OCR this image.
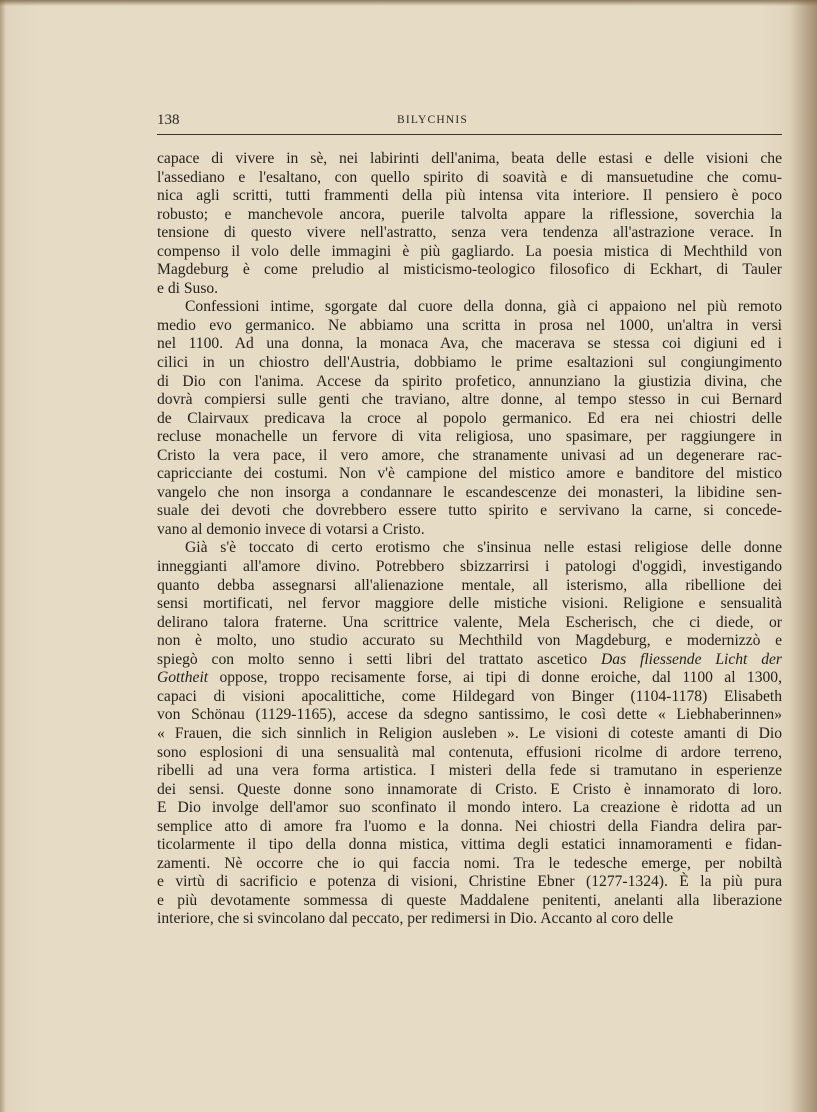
138	BILYCHNIS
capace di vivere in sè, nei labirinti dell'anima, beata delle estasi e delle visioni che
l'assediano e l'esaltano, con quello spirito di soavità e di mansuetudine che comu-
nica agli scritti, tutti frammenti della più intensa vita interiore. Il pensiero è poco
robusto; e manchevole ancora, puerile talvolta appare la riflessione, soverchia la
tensione di questo vivere nell'astratto, senza vera tendenza all'astrazione verace. In
compenso il volo delle immagini è più gagliardo. La poesia mistica di Mechthild von
Magdeburg è come preludio al misticismo-teologico filosofico di Eckhart, di Tauler
e di Suso.
Confessioni intime, sgorgate dal cuore della donna, già ci appaiono nel più remoto
medio evo germanico. Ne abbiamo una scritta in prosa nel 1000, un'altra in versi
nel 1100. Ad una donna, la monaca Ava, che macerava se stessa coi digiuni ed i
cilici in un chiostro dell'Austria, dobbiamo le prime esaltazioni sul congiungimento
di Dio con l'anima. Accese da spirito profetico, annunziano la giustizia divina, che
dovrà compiersi sulle genti che traviano, altre donne, al tempo stesso in cui Bernard
de Clairvaux predicava la croce al popolo germanico. Ed era nei chiostri delle
recluse monachelle un fervore di vita religiosa, uno spasimare, per raggiungere in
Cristo la vera pace, il vero amore, che stranamente univasi ad un degenerare rac-
capricciante dei costumi. Non v'è campione del mistico amore e banditore del mistico
vangelo che non insorga a condannare le escandescenze dei monasteri, la libidine sen-
suale dei devoti che dovrebbero essere tutto spirito e servivano la carne, si concede-
vano al demonio invece di votarsi a Cristo.
Già s'è toccato di certo erotismo che s'insinua nelle estasi religiose delle donne
inneggianti all'amore divino. Potrebbero sbizzarrirsi i patologi d'oggidì, investigando
quanto debba assegnarsi all'alienazione mentale, all isterismo, alla ribellione dei
sensi mortificati, nel fervor maggiore delle mistiche visioni. Religione e sensualità
delirano talora fraterne. Una scrittrice valente, Mela Escherisch, che ci diede, or
non è molto, uno studio accurato su Mechthild von Magdeburg, e modernizzò e
spiegò con molto senno i setti libri del trattato ascetico Das fliessende Licht der
Gottheit oppose, troppo recisamente forse, ai tipi di donne eroiche, dal 1100 al 1300,
capaci di visioni apocalittiche, come Hildegard von Binger (1104-1178) Elisabeth
von Schönau (1129-1165), accese da sdegno santissimo, le così dette « Liebhaberinnen»
« Frauen, die sich sinnlich in Religion ausleben ». Le visioni di coteste amanti di Dio
sono esplosioni di una sensualità mal contenuta, effusioni ricolme di ardore terreno,
ribelli ad una vera forma artistica. I misteri della fede si tramutano in esperienze
dei sensi. Queste donne sono innamorate di Cristo. E Cristo è innamorato di loro.
E Dio involge dell'amor suo sconfinato il mondo intero. La creazione è ridotta ad un
semplice atto di amore fra l'uomo e la donna. Nei chiostri della Fiandra delira par-
ticolarmente il tipo della donna mistica, vittima degli estatici innamoramenti e fidan-
zamenti. Nè occorre che io qui faccia nomi. Tra le tedesche emerge, per nobiltà
e virtù di sacrificio e potenza di visioni, Christine Ebner (1277-1324). È la più pura
e più devotamente sommessa di queste Maddalene penitenti, anelanti alla liberazione
interiore, che si svincolano dal peccato, per redimersi in Dio. Accanto al coro delle
